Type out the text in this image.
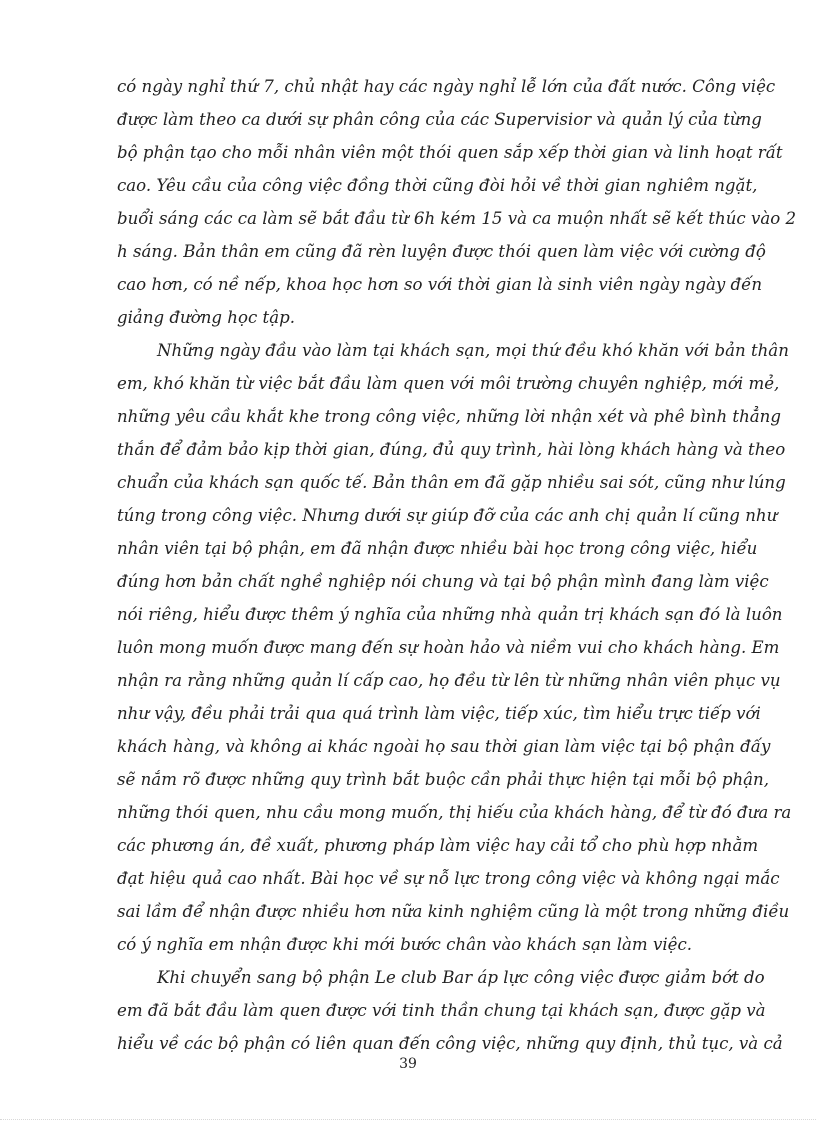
có ngày nghỉ thứ 7, chủ nhật hay các ngày nghỉ lễ lớn của đất nước. Công việc
được làm theo ca dưới sự phân công của các Supervisior và quản lý của từng
bộ phận tạo cho mỗi nhân viên một thói quen sắp xếp thời gian và linh hoạt rất
cao. Yêu cầu của công việc đồng thời cũng đòi hỏi về thời gian nghiêm ngặt,
buổi sáng các ca làm sẽ bắt đầu từ 6h kém 15 và ca muộn nhất sẽ kết thúc vào 2
h sáng. Bản thân em cũng đã rèn luyện được thói quen làm việc với cường độ
cao hơn, có nề nếp, khoa học hơn so với thời gian là sinh viên ngày ngày đến
giảng đường học tập.
Những ngày đầu vào làm tại khách sạn, mọi thứ đều khó khăn với bản thân
em, khó khăn từ việc bắt đầu làm quen với môi trường chuyên nghiệp, mới mẻ,
những yêu cầu khắt khe trong công việc, những lời nhận xét và phê bình thẳng
thắn để đảm bảo kịp thời gian, đúng, đủ quy trình, hài lòng khách hàng và theo
chuẩn của khách sạn quốc tế. Bản thân em đã gặp nhiều sai sót, cũng như lúng
túng trong công việc. Nhưng dưới sự giúp đỡ của các anh chị quản lí cũng như
nhân viên tại bộ phận, em đã nhận được nhiều bài học trong công việc, hiểu
đúng hơn bản chất nghề nghiệp nói chung và tại bộ phận mình đang làm việc
nói riêng, hiểu được thêm ý nghĩa của những nhà quản trị khách sạn đó là luôn
luôn mong muốn được mang đến sự hoàn hảo và niềm vui cho khách hàng. Em
nhận ra rằng những quản lí cấp cao, họ đều từ lên từ những nhân viên phục vụ
như vậy, đều phải trải qua quá trình làm việc, tiếp xúc, tìm hiểu trực tiếp với
khách hàng, và không ai khác ngoài họ sau thời gian làm việc tại bộ phận đấy
sẽ nắm rõ được những quy trình bắt buộc cần phải thực hiện tại mỗi bộ phận,
những thói quen, nhu cầu mong muốn, thị hiếu của khách hàng, để từ đó đưa ra
các phương án, đề xuất, phương pháp làm việc hay cải tổ cho phù hợp nhằm
đạt hiệu quả cao nhất. Bài học về sự nỗ lực trong công việc và không ngại mắc
sai lầm để nhận được nhiều hơn nữa kinh nghiệm cũng là một trong những điều
có ý nghĩa em nhận được khi mới bước chân vào khách sạn làm việc.
Khi chuyển sang bộ phận Le club Bar áp lực công việc được giảm bớt do
em đã bắt đầu làm quen được với tinh thần chung tại khách sạn, được gặp và
hiểu về các bộ phận có liên quan đến công việc, những quy định, thủ tục, và cả
39
